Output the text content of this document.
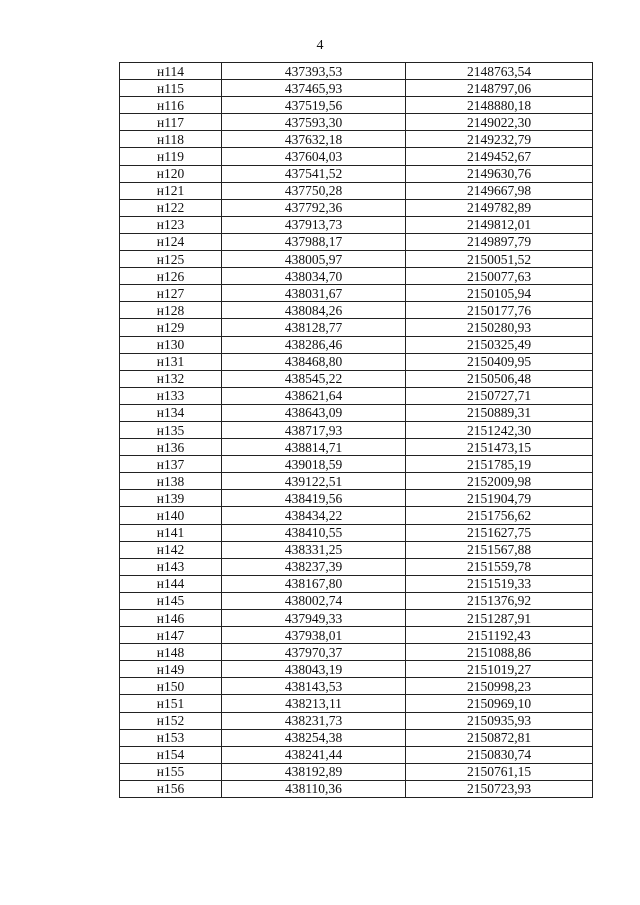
4
н114	437393,53	2148763,54
н115	437465,93	2148797,06
н116	437519,56	2148880,18
н117	437593,30	2149022,30
н118	437632,18	2149232,79
н119	437604,03	2149452,67
н120	437541,52	2149630,76
н121	437750,28	2149667,98
н122	437792,36	2149782,89
н123	437913,73	2149812,01
н124	437988,17	2149897,79
н125	438005,97	2150051,52
н126	438034,70	2150077,63
н127	438031,67	2150105,94
н128	438084,26	2150177,76
н129	438128,77	2150280,93
н130	438286,46	2150325,49
н131	438468,80	2150409,95
н132	438545,22	2150506,48
н133	438621,64	2150727,71
н134	438643,09	2150889,31
н135	438717,93	2151242,30
н136	438814,71	2151473,15
н137	439018,59	2151785,19
н138	439122,51	2152009,98
н139	438419,56	2151904,79
н140	438434,22	2151756,62
н141	438410,55	2151627,75
н142	438331,25	2151567,88
н143	438237,39	2151559,78
н144	438167,80	2151519,33
н145	438002,74	2151376,92
н146	437949,33	2151287,91
н147	437938,01	2151192,43
н148	437970,37	2151088,86
н149	438043,19	2151019,27
н150	438143,53	2150998,23
н151	438213,11	2150969,10
н152	438231,73	2150935,93
н153	438254,38	2150872,81
н154	438241,44	2150830,74
н155	438192,89	2150761,15
н156	438110,36	2150723,93
